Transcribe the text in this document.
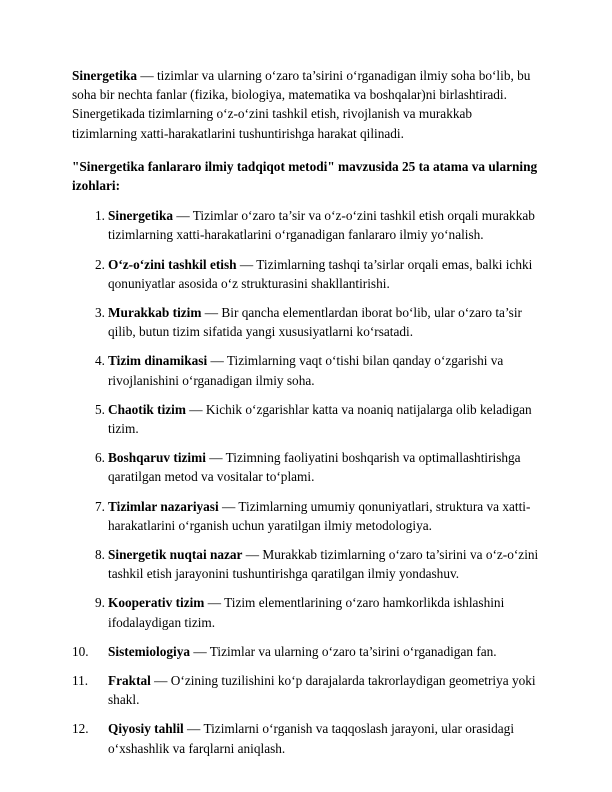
Sinergetika — tizimlar va ularning oʻzaro ta’sirini oʻrganadigan ilmiy soha boʻlib, bu soha bir nechta fanlar (fizika, biologiya, matematika va boshqalar)ni birlashtiradi. Sinergetikada tizimlarning oʻz-oʻzini tashkil etish, rivojlanish va murakkab tizimlarning xatti-harakatlarini tushuntirishga harakat qilinadi.

"Sinergetika fanlararo ilmiy tadqiqot metodi" mavzusida 25 ta atama va ularning izohlari:

1. Sinergetika — Tizimlar oʻzaro ta’sir va oʻz-oʻzini tashkil etish orqali murakkab tizimlarning xatti-harakatlarini oʻrganadigan fanlararo ilmiy yoʻnalish.
2. Oʻz-oʻzini tashkil etish — Tizimlarning tashqi ta’sirlar orqali emas, balki ichki qonuniyatlar asosida oʻz strukturasini shakllantirishi.
3. Murakkab tizim — Bir qancha elementlardan iborat boʻlib, ular oʻzaro ta’sir qilib, butun tizim sifatida yangi xususiyatlarni koʻrsatadi.
4. Tizim dinamikasi — Tizimlarning vaqt oʻtishi bilan qanday oʻzgarishi va rivojlanishini oʻrganadigan ilmiy soha.
5. Chaotik tizim — Kichik oʻzgarishlar katta va noaniq natijalarga olib keladigan tizim.
6. Boshqaruv tizimi — Tizimning faoliyatini boshqarish va optimallashtirishga qaratilgan metod va vositalar toʻplami.
7. Tizimlar nazariyasi — Tizimlarning umumiy qonuniyatlari, struktura va xatti-harakatlarini oʻrganish uchun yaratilgan ilmiy metodologiya.
8. Sinergetik nuqtai nazar — Murakkab tizimlarning oʻzaro ta’sirini va oʻz-oʻzini tashkil etish jarayonini tushuntirishga qaratilgan ilmiy yondashuv.
9. Kooperativ tizim — Tizim elementlarining oʻzaro hamkorlikda ishlashini ifodalaydigan tizim.
10.	Sistemiologiya — Tizimlar va ularning oʻzaro ta’sirini oʻrganadigan fan.
11.	Fraktal — Oʻzining tuzilishini koʻp darajalarda takrorlaydigan geometriya yoki shakl.
12.	Qiyosiy tahlil — Tizimlarni oʻrganish va taqqoslash jarayoni, ular orasidagi oʻxshashlik va farqlarni aniqlash.
